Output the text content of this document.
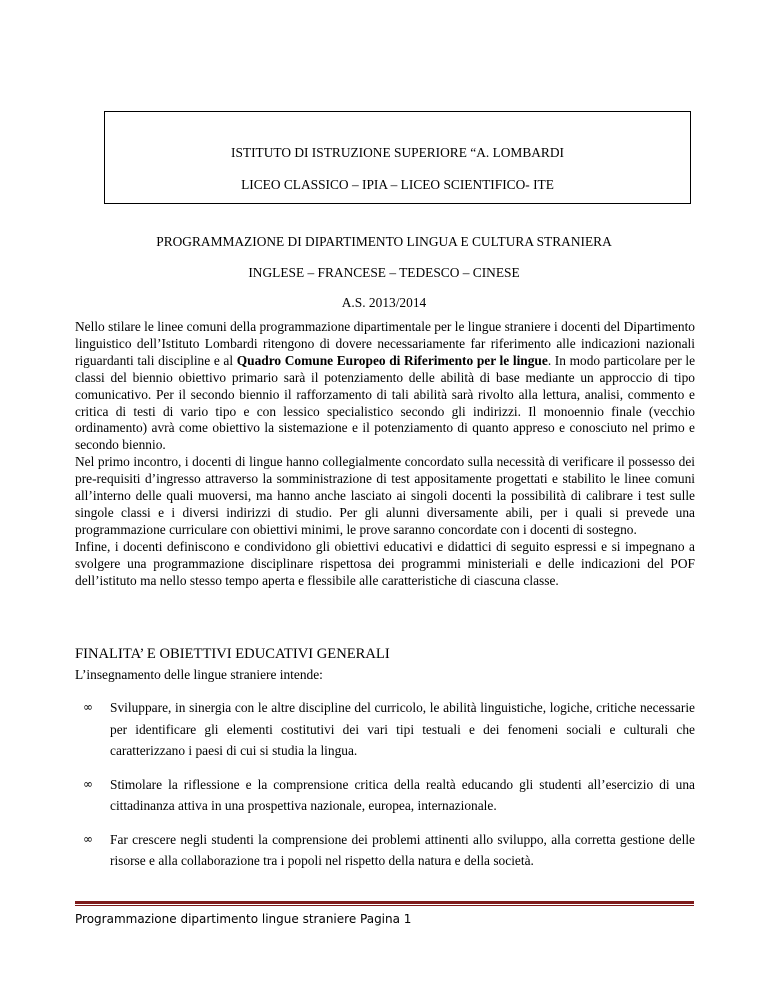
ISTITUTO DI ISTRUZIONE SUPERIORE “A. LOMBARDI
LICEO CLASSICO – IPIA – LICEO SCIENTIFICO- ITE
PROGRAMMAZIONE DI DIPARTIMENTO LINGUA E CULTURA STRANIERA
INGLESE – FRANCESE – TEDESCO – CINESE
A.S. 2013/2014

Nello stilare le linee comuni della programmazione dipartimentale per le lingue straniere i docenti del Dipartimento linguistico dell’Istituto Lombardi ritengono di dovere necessariamente far riferimento alle indicazioni nazionali riguardanti tali discipline e al Quadro Comune Europeo di Riferimento per le lingue. In modo particolare per le classi del biennio obiettivo primario sarà il potenziamento delle abilità di base mediante un approccio di tipo comunicativo. Per il secondo biennio il rafforzamento di tali abilità sarà rivolto alla lettura, analisi, commento e critica di testi di vario tipo e con lessico specialistico secondo gli indirizzi. Il monoennio finale (vecchio ordinamento) avrà come obiettivo la sistemazione e il potenziamento di quanto appreso e conosciuto nel primo e secondo biennio.

Nel primo incontro, i docenti di lingue hanno collegialmente concordato sulla necessità di verificare il possesso dei pre-requisiti d’ingresso attraverso la somministrazione di test appositamente progettati e stabilito le linee comuni all’interno delle quali muoversi, ma hanno anche lasciato ai singoli docenti la possibilità di calibrare i test sulle singole classi e i diversi indirizzi di studio. Per gli alunni diversamente abili, per i quali si prevede una programmazione curriculare con obiettivi minimi, le prove saranno concordate con i docenti di sostegno.

Infine, i docenti definiscono e condividono gli obiettivi educativi e didattici di seguito espressi e si impegnano a svolgere una programmazione disciplinare rispettosa dei programmi ministeriali e delle indicazioni del POF dell’istituto ma nello stesso tempo aperta e flessibile alle caratteristiche di ciascuna classe.

FINALITA’ E OBIETTIVI EDUCATIVI GENERALI
L’insegnamento delle lingue straniere intende:
∞ Sviluppare, in sinergia con le altre discipline del curricolo, le abilità linguistiche, logiche, critiche necessarie per identificare gli elementi costitutivi dei vari tipi testuali e dei fenomeni sociali e culturali che caratterizzano i paesi di cui si studia la lingua.
∞ Stimolare la riflessione e la comprensione critica della realtà educando gli studenti all’esercizio di una cittadinanza attiva in una prospettiva nazionale, europea, internazionale.
∞ Far crescere negli studenti la comprensione dei problemi attinenti allo sviluppo, alla corretta gestione delle risorse e alla collaborazione tra i popoli nel rispetto della natura e della società.
Programmazione dipartimento lingue straniere Pagina 1
